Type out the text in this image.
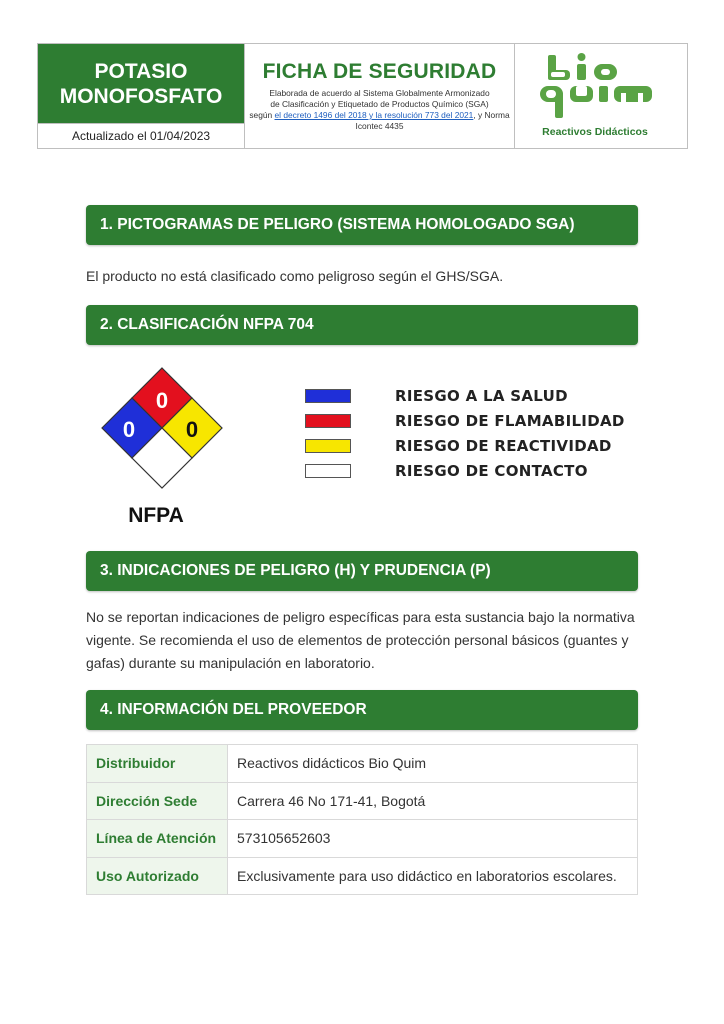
POTASIO
MONOFOSFATO
Actualizado el 01/04/2023
FICHA DE SEGURIDAD
Elaborada de acuerdo al Sistema Globalmente Armonizado
de Clasificación y Etiquetado de Productos Químico (SGA)
según el decreto 1496 del 2018 y la resolución 773 del 2021, y Norma Icontec 4435	Reactivos Didácticos
1. PICTOGRAMAS DE PELIGRO (SISTEMA HOMOLOGADO SGA)
El producto no está clasificado como peligroso según el GHS/SGA.
2. CLASIFICACIÓN NFPA 704
0
0 0
NFPA
RIESGO A LA SALUD
RIESGO DE FLAMABILIDAD
RIESGO DE REACTIVIDAD
RIESGO DE CONTACTO
3. INDICACIONES DE PELIGRO (H) Y PRUDENCIA (P)
No se reportan indicaciones de peligro específicas para esta sustancia bajo la normativa vigente. Se recomienda el uso de elementos de protección personal básicos (guantes y gafas) durante su manipulación en laboratorio.
4. INFORMACIÓN DEL PROVEEDOR
Distribuidor	Reactivos didácticos Bio Quim
Dirección Sede	Carrera 46 No 171-41, Bogotá
Línea de Atención	573105652603
Uso Autorizado	Exclusivamente para uso didáctico en laboratorios escolares.
